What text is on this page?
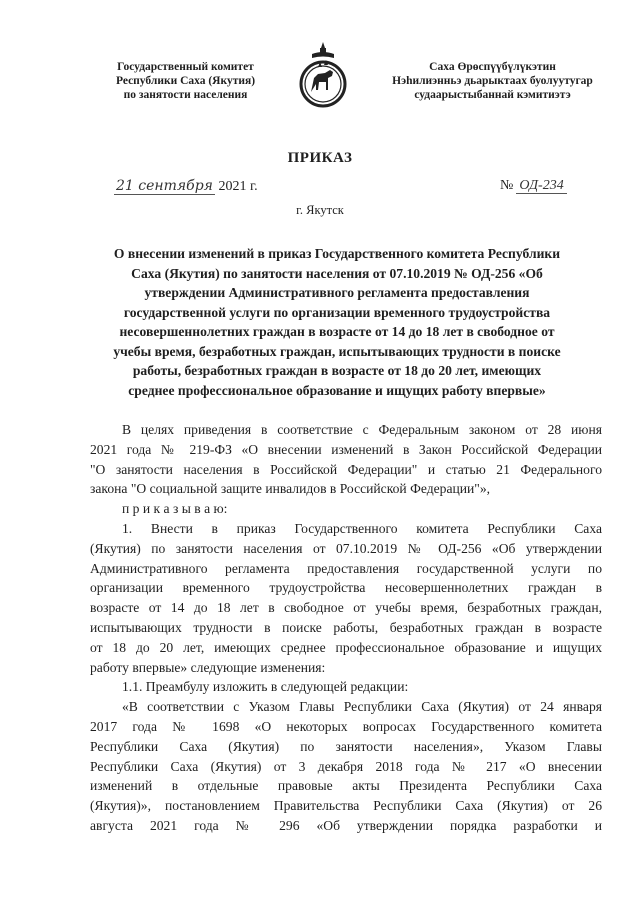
Государственный комитет
Республики Саха (Якутия)
по занятости населения
Саха Өрөспүүбүлүкэтин
Нэһилиэнньэ дьарыктаах буолуутугар
судаарыстыбаннай кэмитиэтэ
ПРИКАЗ
21 сентября 2021 г.	№ ОД-234
г. Якутск
О внесении изменений в приказ Государственного комитета Республики
Саха (Якутия) по занятости населения от 07.10.2019 № ОД-256 «Об
утверждении Административного регламента предоставления
государственной услуги по организации временного трудоустройства
несовершеннолетних граждан в возрасте от 14 до 18 лет в свободное от
учебы время, безработных граждан, испытывающих трудности в поиске
работы, безработных граждан в возрасте от 18 до 20 лет, имеющих
среднее профессиональное образование и ищущих работу впервые»
В целях приведения в соответствие с Федеральным законом от 28 июня
2021 года № 219-ФЗ «О внесении изменений в Закон Российской Федерации
"О занятости населения в Российской Федерации" и статью 21 Федерального
закона "О социальной защите инвалидов в Российской Федерации"»,
п р и к а з ы в а ю:
1. Внести в приказ Государственного комитета Республики Саха
(Якутия) по занятости населения от 07.10.2019 № ОД-256 «Об утверждении
Административного регламента предоставления государственной услуги по
организации временного трудоустройства несовершеннолетних граждан в
возрасте от 14 до 18 лет в свободное от учебы время, безработных граждан,
испытывающих трудности в поиске работы, безработных граждан в возрасте
от 18 до 20 лет, имеющих среднее профессиональное образование и ищущих
работу впервые» следующие изменения:
1.1. Преамбулу изложить в следующей редакции:
«В соответствии с Указом Главы Республики Саха (Якутия) от 24 января
2017 года № 1698 «О некоторых вопросах Государственного комитета
Республики Саха (Якутия) по занятости населения», Указом Главы
Республики Саха (Якутия) от 3 декабря 2018 года № 217 «О внесении
изменений в отдельные правовые акты Президента Республики Саха
(Якутия)», постановлением Правительства Республики Саха (Якутия) от 26
августа 2021 года № 296 «Об утверждении порядка разработки и
